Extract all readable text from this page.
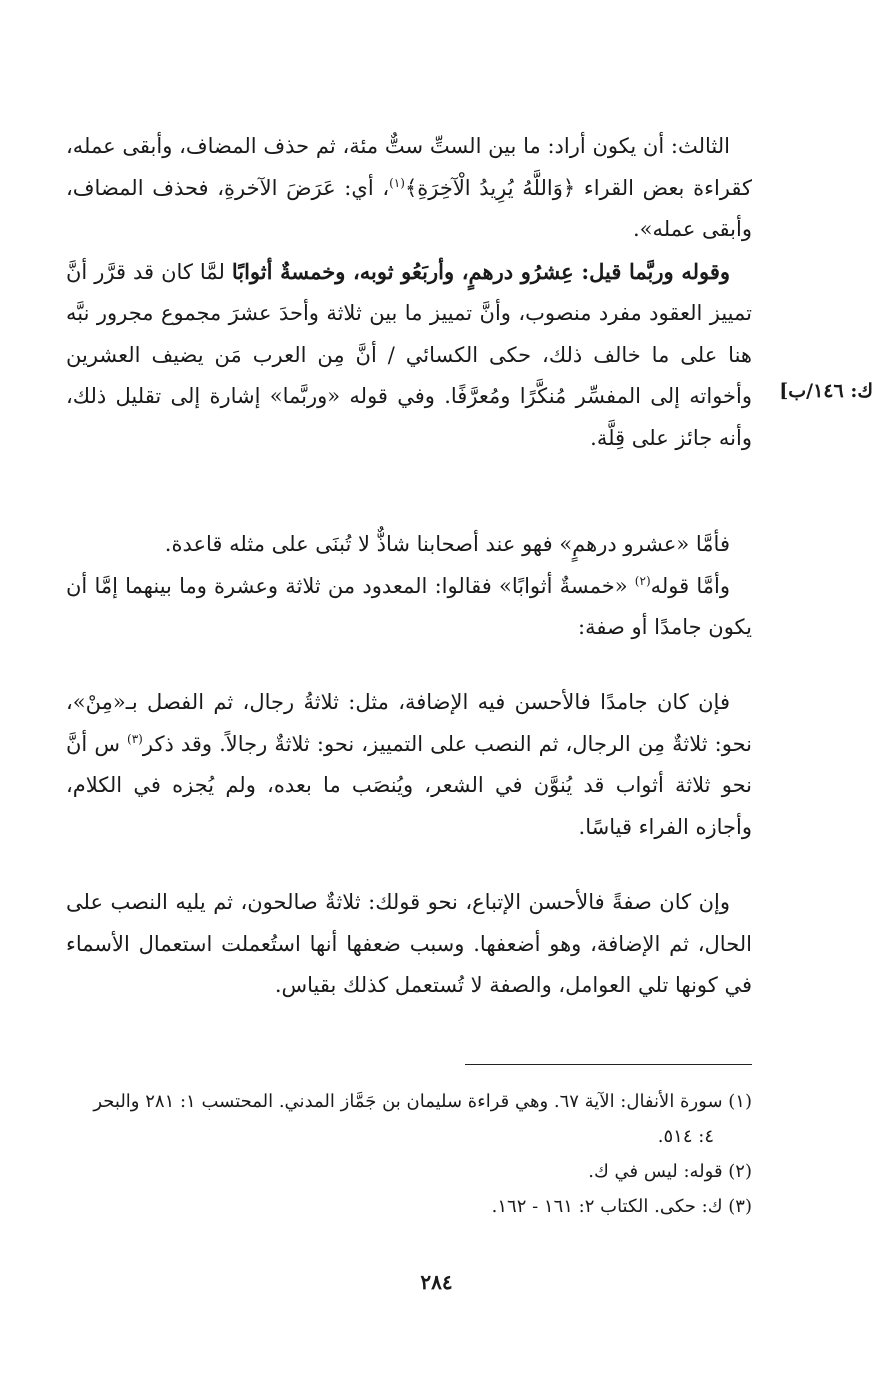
الثالث: أن يكون أراد: ما بين الستِّ ستٌّ مئة، ثم حذف المضاف، وأبقى عمله، كقراءة بعض القراء ﴿وَاللَّهُ يُرِيدُ الْآخِرَةِ﴾$^{(١)}$، أي: عَرَضَ الآخرةِ، فحذف المضاف، وأبقى عمله».

وقوله وربَّما قيل: عِشرُو درهمٍ، وأربَعُو ثوبه، وخمسةٌ أثوابًا لمَّا كان قد قرَّر أنَّ تمييز العقود مفرد منصوب، وأنَّ تمييز ما بين ثلاثة وأحدَ عشرَ مجموع مجرور نبَّه هنا على ما خالف ذلك، حكى الكسائي / أنَّ مِن العرب مَن يضيف العشرين وأخواته إلى المفسِّر مُنكَّرًا ومُعرَّفًا. وفي قوله «وربَّما» إشارة إلى تقليل ذلك، وأنه جائز على قِلَّة.

ك: ١٤٦/ب]

فأمَّا «عشرو درهمٍ» فهو عند أصحابنا شاذٌّ لا تُبنَى على مثله قاعدة.

وأمَّا قوله$^{(٢)}$ «خمسةٌ أثوابًا» فقالوا: المعدود من ثلاثة وعشرة وما بينهما إمَّا أن يكون جامدًا أو صفة:

فإن كان جامدًا فالأحسن فيه الإضافة، مثل: ثلاثةُ رجال، ثم الفصل بـ«مِنْ»، نحو: ثلاثةٌ مِن الرجال، ثم النصب على التمييز، نحو: ثلاثةٌ رجالاً. وقد ذكر$^{(٣)}$ س أنَّ نحو ثلاثة أثواب قد يُنوَّن في الشعر، ويُنصَب ما بعده، ولم يُجزه في الكلام، وأجازه الفراء قياسًا.

وإن كان صفةً فالأحسن الإتباع، نحو قولك: ثلاثةٌ صالحون، ثم يليه النصب على الحال، ثم الإضافة، وهو أضعفها. وسبب ضعفها أنها استُعملت استعمال الأسماء في كونها تلي العوامل، والصفة لا تُستعمل كذلك بقياس.

(١) سورة الأنفال: الآية ٦٧. وهي قراءة سليمان بن جَمَّاز المدني. المحتسب ١: ٢٨١ والبحر

٤: ٥١٤.

(٢) قوله: ليس في ك.

(٣) ك: حكى. الكتاب ٢: ١٦١ - ١٦٢.

٢٨٤
